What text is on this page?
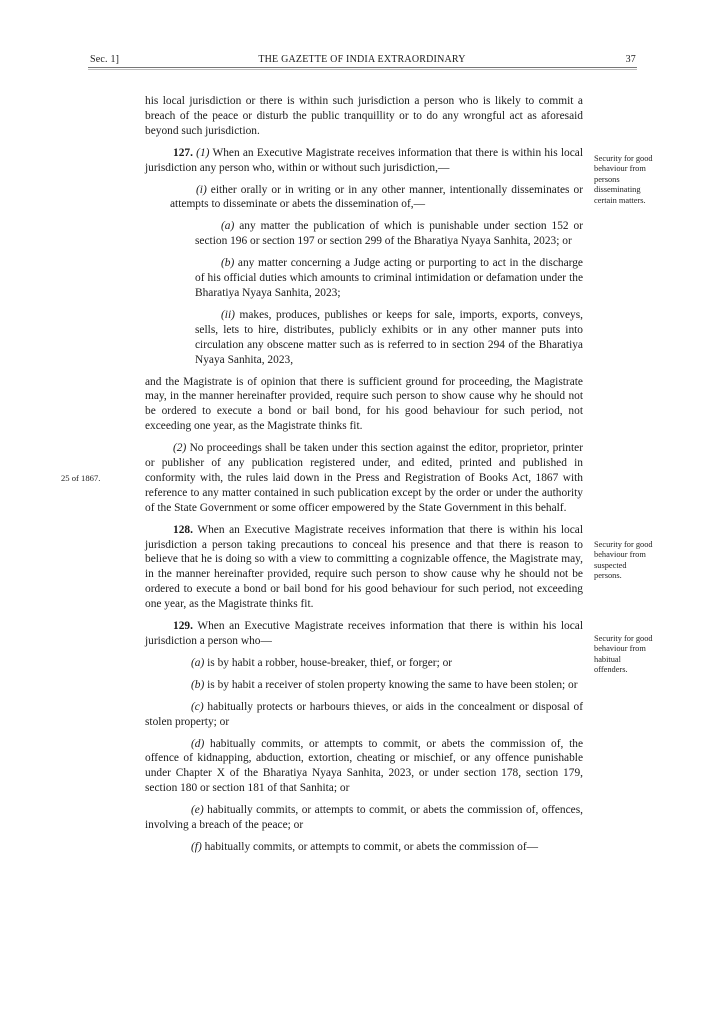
Sec. 1]	THE GAZETTE OF INDIA EXTRAORDINARY	37

his local jurisdiction or there is within such jurisdiction a person who is likely to commit a breach of the peace or disturb the public tranquillity or to do any wrongful act as aforesaid beyond such jurisdiction.

127. (1) When an Executive Magistrate receives information that there is within his local jurisdiction any person who, within or without such jurisdiction,—

(i) either orally or in writing or in any other manner, intentionally disseminates or attempts to disseminate or abets the dissemination of,—

(a) any matter the publication of which is punishable under section 152 or section 196 or section 197 or section 299 of the Bharatiya Nyaya Sanhita, 2023; or

(b) any matter concerning a Judge acting or purporting to act in the discharge of his official duties which amounts to criminal intimidation or defamation under the Bharatiya Nyaya Sanhita, 2023;

(ii) makes, produces, publishes or keeps for sale, imports, exports, conveys, sells, lets to hire, distributes, publicly exhibits or in any other manner puts into circulation any obscene matter such as is referred to in section 294 of the Bharatiya Nyaya Sanhita, 2023,

and the Magistrate is of opinion that there is sufficient ground for proceeding, the Magistrate may, in the manner hereinafter provided, require such person to show cause why he should not be ordered to execute a bond or bail bond, for his good behaviour for such period, not exceeding one year, as the Magistrate thinks fit.

(2) No proceedings shall be taken under this section against the editor, proprietor, printer or publisher of any publication registered under, and edited, printed and published in conformity with, the rules laid down in the Press and Registration of Books Act, 1867 with reference to any matter contained in such publication except by the order or under the authority of the State Government or some officer empowered by the State Government in this behalf.

128. When an Executive Magistrate receives information that there is within his local jurisdiction a person taking precautions to conceal his presence and that there is reason to believe that he is doing so with a view to committing a cognizable offence, the Magistrate may, in the manner hereinafter provided, require such person to show cause why he should not be ordered to execute a bond or bail bond for his good behaviour for such period, not exceeding one year, as the Magistrate thinks fit.

129. When an Executive Magistrate receives information that there is within his local jurisdiction a person who—

(a) is by habit a robber, house-breaker, thief, or forger; or

(b) is by habit a receiver of stolen property knowing the same to have been stolen; or

(c) habitually protects or harbours thieves, or aids in the concealment or disposal of stolen property; or

(d) habitually commits, or attempts to commit, or abets the commission of, the offence of kidnapping, abduction, extortion, cheating or mischief, or any offence punishable under Chapter X of the Bharatiya Nyaya Sanhita, 2023, or under section 178, section 179, section 180 or section 181 of that Sanhita; or

(e) habitually commits, or attempts to commit, or abets the commission of, offences, involving a breach of the peace; or

(f) habitually commits, or attempts to commit, or abets the commission of—

Security for good behaviour from persons disseminating certain matters.
Security for good behaviour from suspected persons.
Security for good behaviour from habitual offenders.
25 of 1867.
